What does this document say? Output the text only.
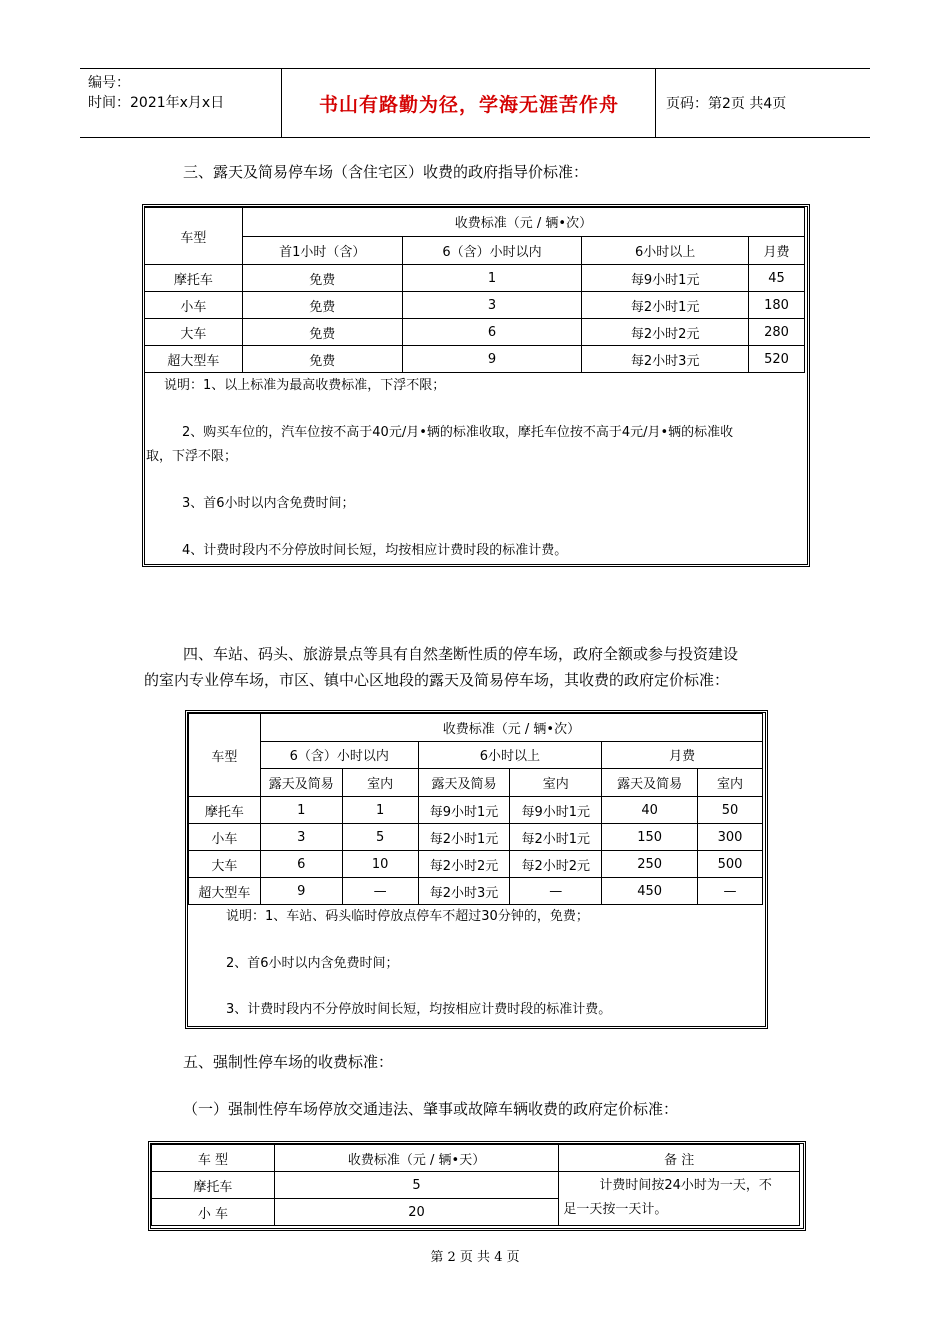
编号：
时间：2021年x月x日	书山有路勤为径，学海无涯苦作舟	页码：第2页 共4页
三、露天及简易停车场（含住宅区）收费的政府指导价标准：
车型	收费标准（元 / 辆•次）			
	首1小时（含）	6（含）小时以内	6小时以上	月费
摩托车	免费	1	每9小时1元	45
小车	免费	3	每2小时1元	180
大车	免费	6	每2小时2元	280
超大型车	免费	9	每2小时3元	520
说明：1、以上标准为最高收费标准，下浮不限；
2、购买车位的，汽车位按不高于40元/月•辆的标准收取，摩托车位按不高于4元/月•辆的标准收
取，下浮不限；
3、首6小时以内含免费时间；
4、计费时段内不分停放时间长短，均按相应计费时段的标准计费。
四、车站、码头、旅游景点等具有自然垄断性质的停车场，政府全额或参与投资建设
的室内专业停车场，市区、镇中心区地段的露天及简易停车场，其收费的政府定价标准：
车型	收费标准（元 / 辆•次）					
	6（含）小时以内		6小时以上		月费	
	露天及简易	室内	露天及简易	室内	露天及简易	室内
摩托车	1	1	每9小时1元	每9小时1元	40	50
小车	3	5	每2小时1元	每2小时1元	150	300
大车	6	10	每2小时2元	每2小时2元	250	500
超大型车	9	—	每2小时3元	—	450	—
说明：1、车站、码头临时停放点停车不超过30分钟的，免费；
2、首6小时以内含免费时间；
3、计费时段内不分停放时间长短，均按相应计费时段的标准计费。
五、强制性停车场的收费标准：
（一）强制性停车场停放交通违法、肇事或故障车辆收费的政府定价标准：
车 型	收费标准（元 / 辆•天）	备 注
摩托车	5	计费时间按24小时为一天，不
足一天按一天计。

小 车	20	
第 2 页 共 4 页
